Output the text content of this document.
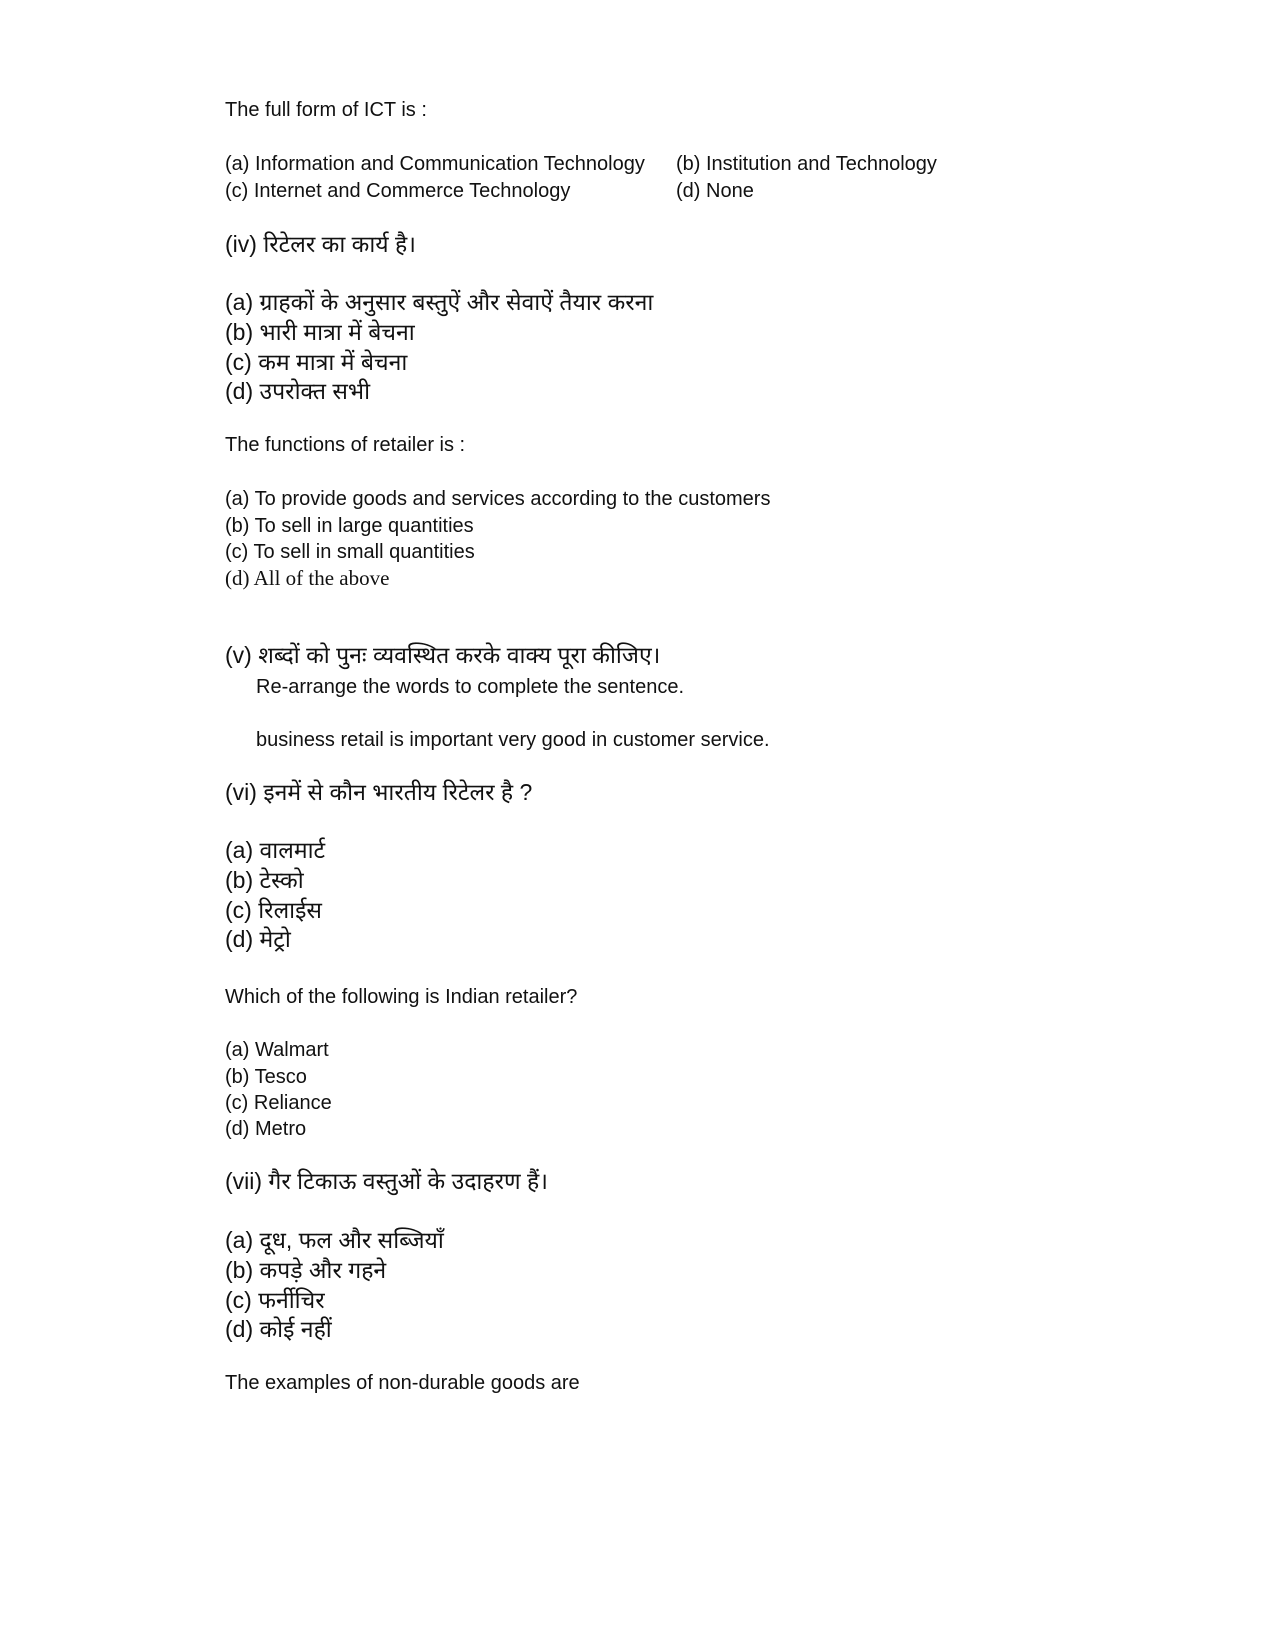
The full form of ICT is :
(a) Information and Communication Technology (b) Institution and Technology
(c) Internet and Commerce Technology	(d) None
(iv) रिटेलर का कार्य है।
(a) ग्राहकों के अनुसार बस्तुऐं और सेवाऐं तैयार करना
(b) भारी मात्रा में बेचना
(c) कम मात्रा में बेचना
(d) उपरोक्त सभी
The functions of retailer is :
(a) To provide goods and services according to the customers
(b) To sell in large quantities
(c) To sell in small quantities
(d) All of the above
(v) शब्दों को पुनः व्यवस्थित करके वाक्य पूरा कीजिए।
Re-arrange the words to complete the sentence.
business retail is important very good in customer service.
(vi) इनमें से कौन भारतीय रिटेलर है ?
(a) वालमार्ट
(b) टेस्को
(c) रिलाईस
(d) मेट्रो
Which of the following is Indian retailer?
(a) Walmart
(b) Tesco
(c) Reliance
(d) Metro
(vii) गैर टिकाऊ वस्तुओं के उदाहरण हैं।
(a) दूध, फल और सब्जियाँ
(b) कपड़े और गहने
(c) फर्नीचिर
(d) कोई नहीं
The examples of non-durable goods are
